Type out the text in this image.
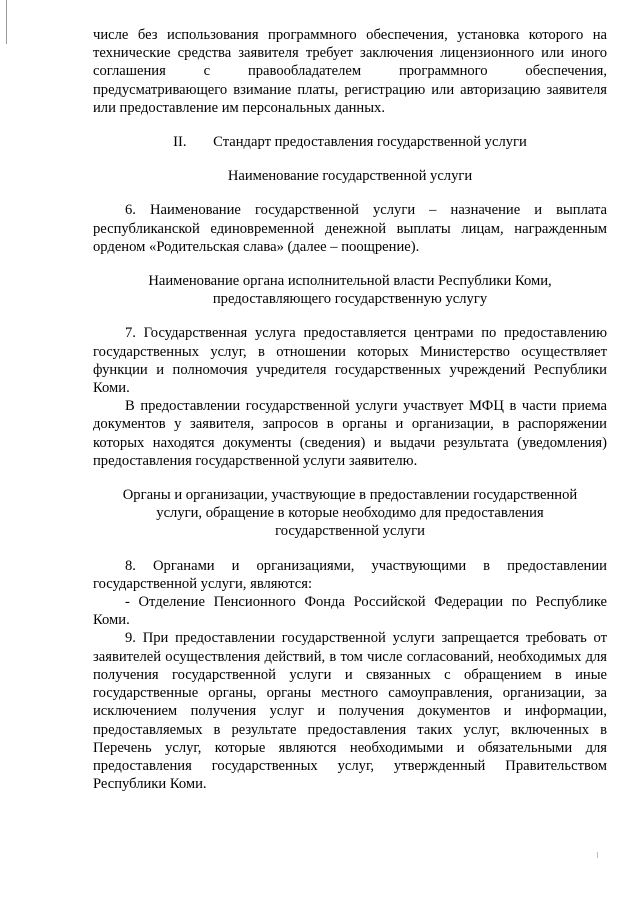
числе без использования программного обеспечения, установка которого на технические средства заявителя требует заключения лицензионного или иного соглашения с правообладателем программного обеспечения, предусматривающего взимание платы, регистрацию или авторизацию заявителя или предоставление им персональных данных.

II. Стандарт предоставления государственной услуги

Наименование государственной услуги

6. Наименование государственной услуги – назначение и выплата республиканской единовременной денежной выплаты лицам, награжденным орденом «Родительская слава» (далее – поощрение).

Наименование органа исполнительной власти Республики Коми,

предоставляющего государственную услугу

7. Государственная услуга предоставляется центрами по предоставлению государственных услуг, в отношении которых Министерство осуществляет функции и полномочия учредителя государственных учреждений Республики Коми.

В предоставлении государственной услуги участвует МФЦ в части приема документов у заявителя, запросов в органы и организации, в распоряжении которых находятся документы (сведения) и выдачи результата (уведомления) предоставления государственной услуги заявителю.

Органы и организации, участвующие в предоставлении государственной

услуги, обращение в которые необходимо для предоставления

государственной услуги

8. Органами и организациями, участвующими в предоставлении государственной услуги, являются:

- Отделение Пенсионного Фонда Российской Федерации по Республике Коми.

9. При предоставлении государственной услуги запрещается требовать от заявителей осуществления действий, в том числе согласований, необходимых для получения государственной услуги и связанных с обращением в иные государственные органы, органы местного самоуправления, организации, за исключением получения услуг и получения документов и информации, предоставляемых в результате предоставления таких услуг, включенных в Перечень услуг, которые являются необходимыми и обязательными для предоставления государственных услуг, утвержденный Правительством Республики Коми.
